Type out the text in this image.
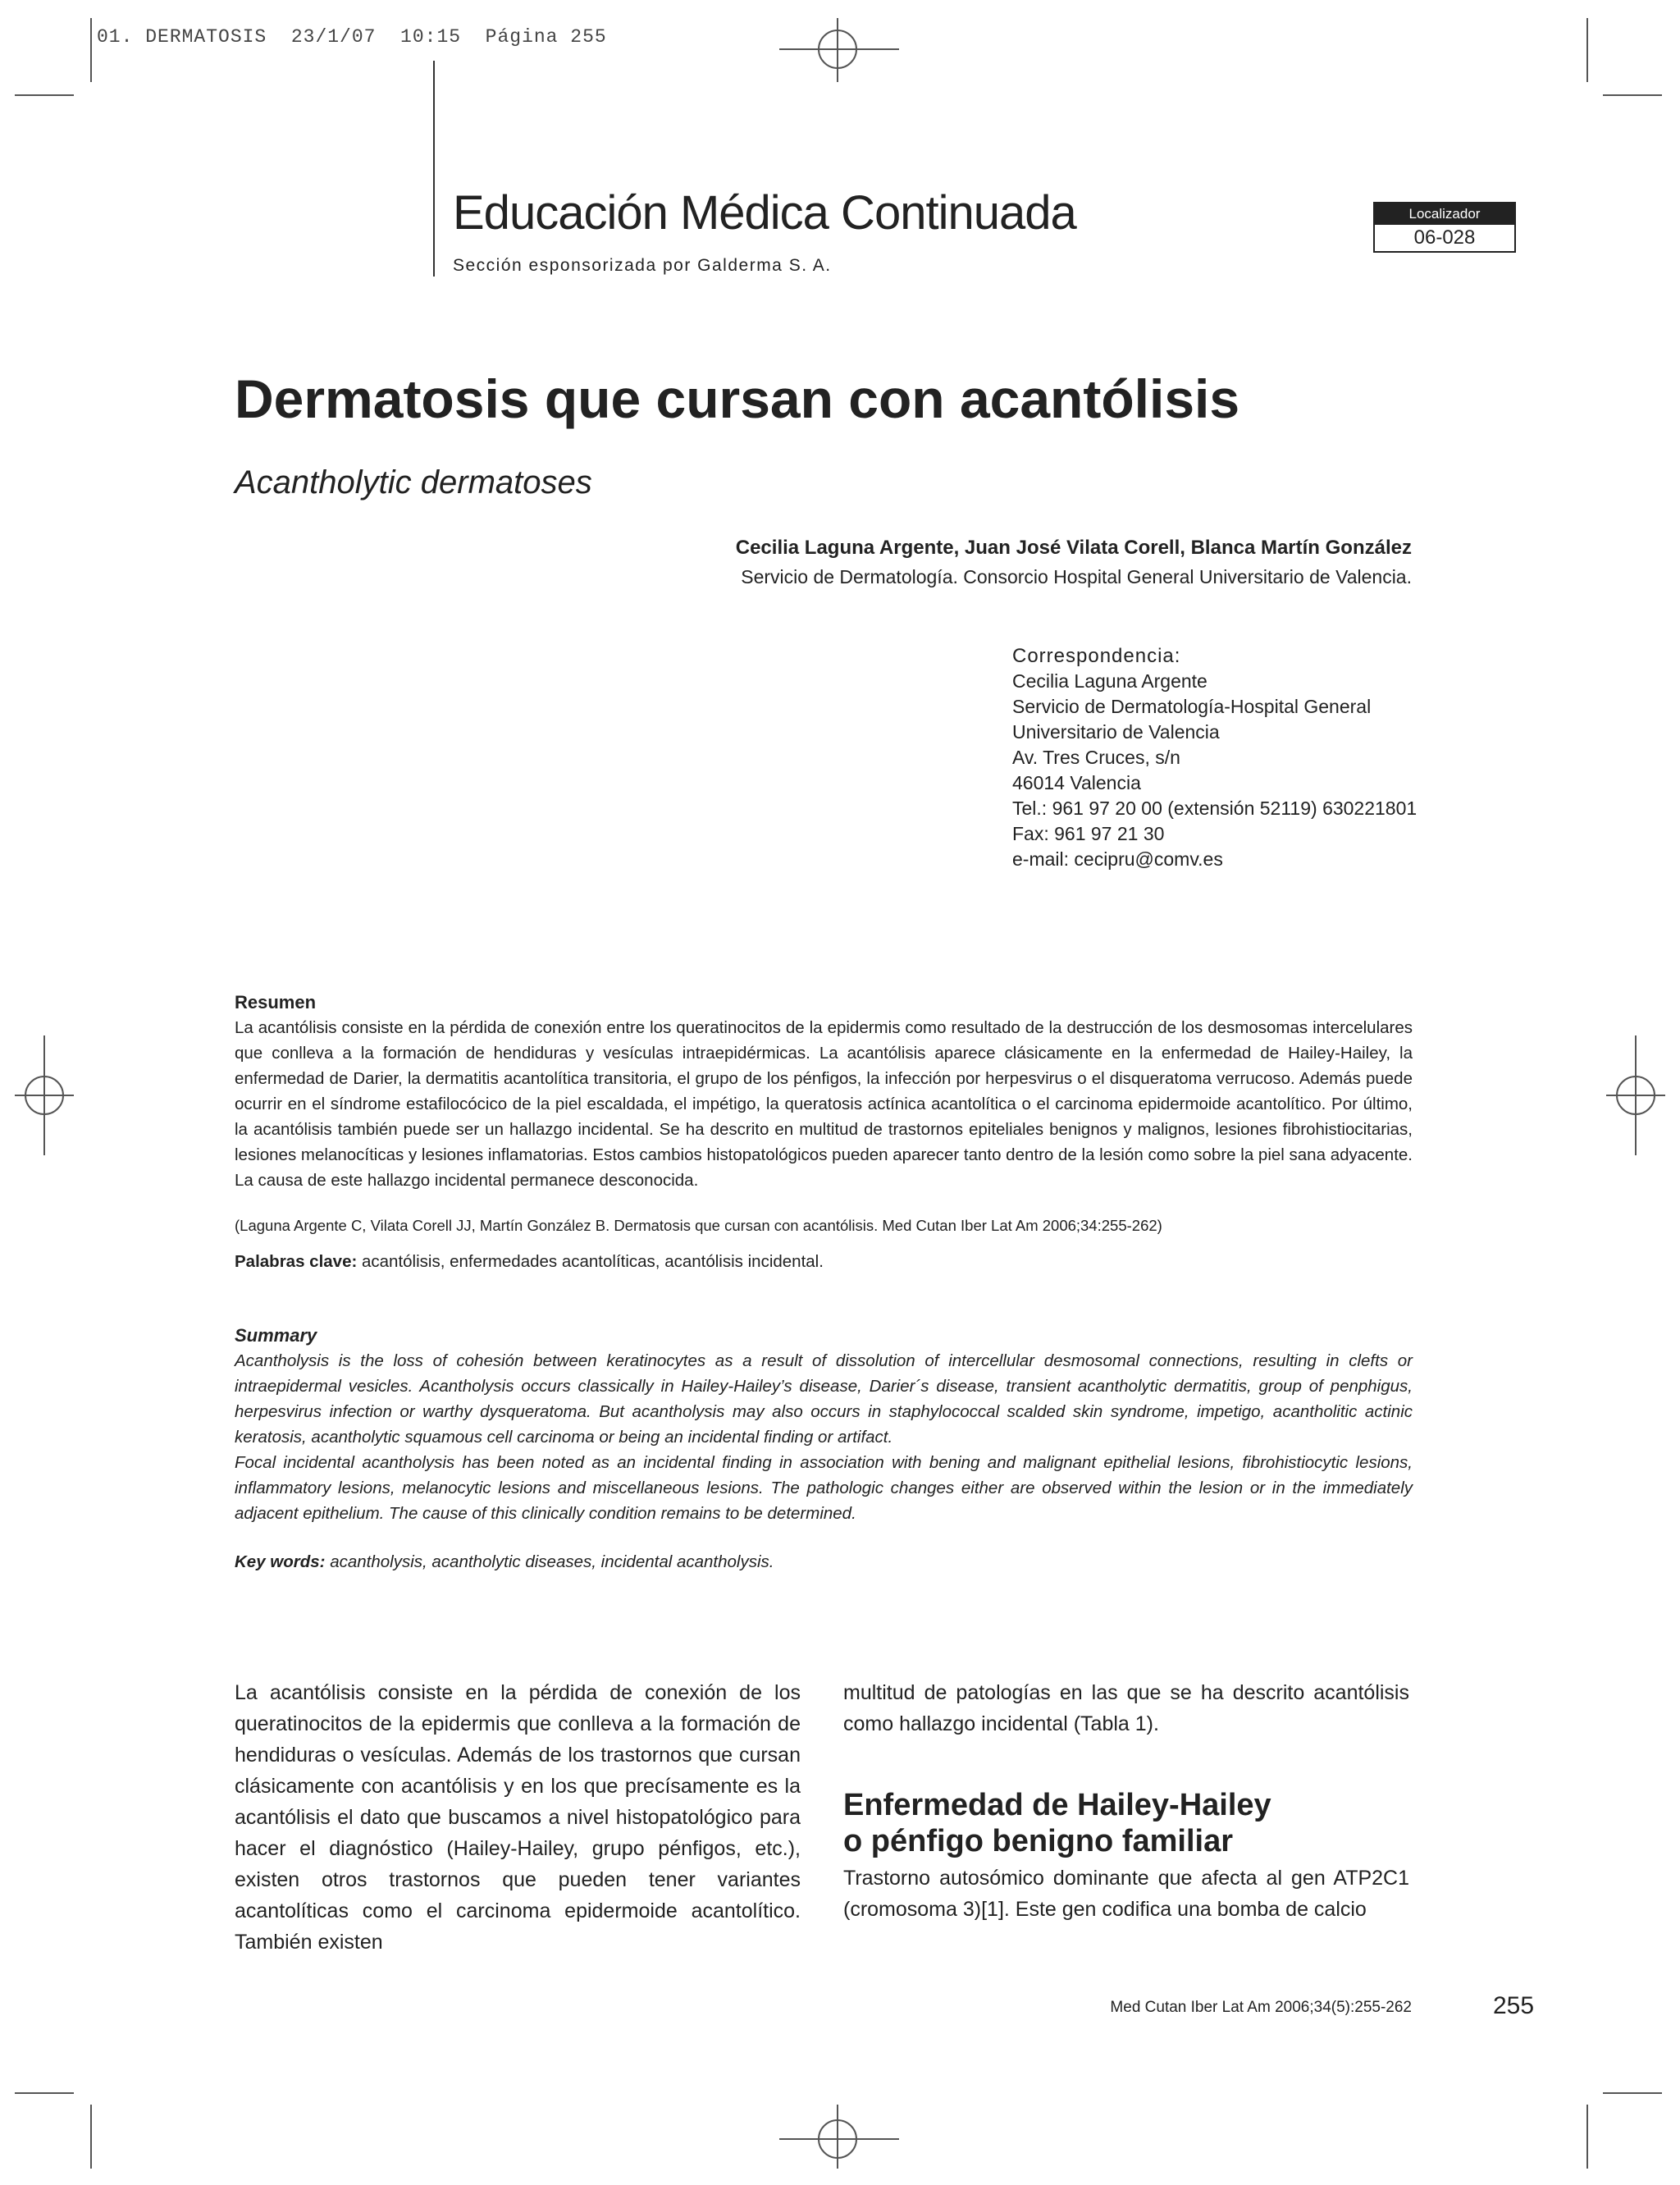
01. DERMATOSIS  23/1/07  10:15  Página 255
Educación Médica Continuada
Sección esponsorizada por Galderma S. A.
Localizador
06-028
Dermatosis que cursan con acantólisis
Acantholytic dermatoses
Cecilia Laguna Argente, Juan José Vilata Corell, Blanca Martín González
Servicio de Dermatología. Consorcio Hospital General Universitario de Valencia.
Correspondencia:
Cecilia Laguna Argente
Servicio de Dermatología-Hospital General
Universitario de Valencia
Av. Tres Cruces, s/n
46014 Valencia
Tel.: 961 97 20 00 (extensión 52119) 630221801
Fax: 961 97 21 30
e-mail: cecipru@comv.es
Resumen
La acantólisis consiste en la pérdida de conexión entre los queratinocitos de la epidermis como resultado de la destrucción de los desmosomas intercelulares que conlleva a la formación de hendiduras y vesículas intraepidérmicas. La acantólisis aparece clásicamente en la enfermedad de Hailey-Hailey, la enfermedad de Darier, la dermatitis acantolítica transitoria, el grupo de los pénfigos, la infección por herpesvirus o el disqueratoma verrucoso. Además puede ocurrir en el síndrome estafilocócico de la piel escaldada, el impétigo, la queratosis actínica acantolítica o el carcinoma epidermoide acantolítico. Por último, la acantólisis también puede ser un hallazgo incidental. Se ha descrito en multitud de trastornos epiteliales benignos y malignos, lesiones fibrohistiocitarias, lesiones melanocíticas y lesiones inflamatorias. Estos cambios histopatológicos pueden aparecer tanto dentro de la lesión como sobre la piel sana adyacente. La causa de este hallazgo incidental permanece desconocida.
(Laguna Argente C, Vilata Corell JJ, Martín González B. Dermatosis que cursan con acantólisis. Med Cutan Iber Lat Am 2006;34:255-262)
Palabras clave: acantólisis, enfermedades acantolíticas, acantólisis incidental.
Summary
Acantholysis is the loss of cohesión between keratinocytes as a result of dissolution of intercellular desmosomal connections, resulting in clefts or intraepidermal vesicles. Acantholysis occurs classically in Hailey-Hailey’s disease, Darier´s disease, transient acantholytic dermatitis, group of penphigus, herpesvirus infection or warthy dysqueratoma. But acantholysis may also occurs in staphylococcal scalded skin syndrome, impetigo, acantholitic actinic keratosis, acantholytic squamous cell carcinoma or being an incidental finding or artifact.
Focal incidental acantholysis has been noted as an incidental finding in association with bening and malignant epithelial lesions, fibrohistiocytic lesions, inflammatory lesions, melanocytic lesions and miscellaneous lesions. The pathologic changes either are observed within the lesion or in the immediately adjacent epithelium. The cause of this clinically condition remains to be determined.
Key words: acantholysis, acantholytic diseases, incidental acantholysis.
La acantólisis consiste en la pérdida de conexión de los queratinocitos de la epidermis que conlleva a la formación de hendiduras o vesículas. Además de los trastornos que cursan clásicamente con acantólisis y en los que precísamente es la acantólisis el dato que buscamos a nivel histopatológico para hacer el diagnóstico (Hailey-Hailey, grupo pénfigos, etc.), existen otros trastornos que pueden tener variantes acantolíticas como el carcinoma epidermoide acantolítico. También existen
multitud de patologías en las que se ha descrito acantólisis como hallazgo incidental (Tabla 1).
Enfermedad de Hailey-Hailey
o pénfigo benigno familiar
Trastorno autosómico dominante que afecta al gen ATP2C1 (cromosoma 3)[1]. Este gen codifica una bomba de calcio
Med Cutan Iber Lat Am 2006;34(5):255-262	255
